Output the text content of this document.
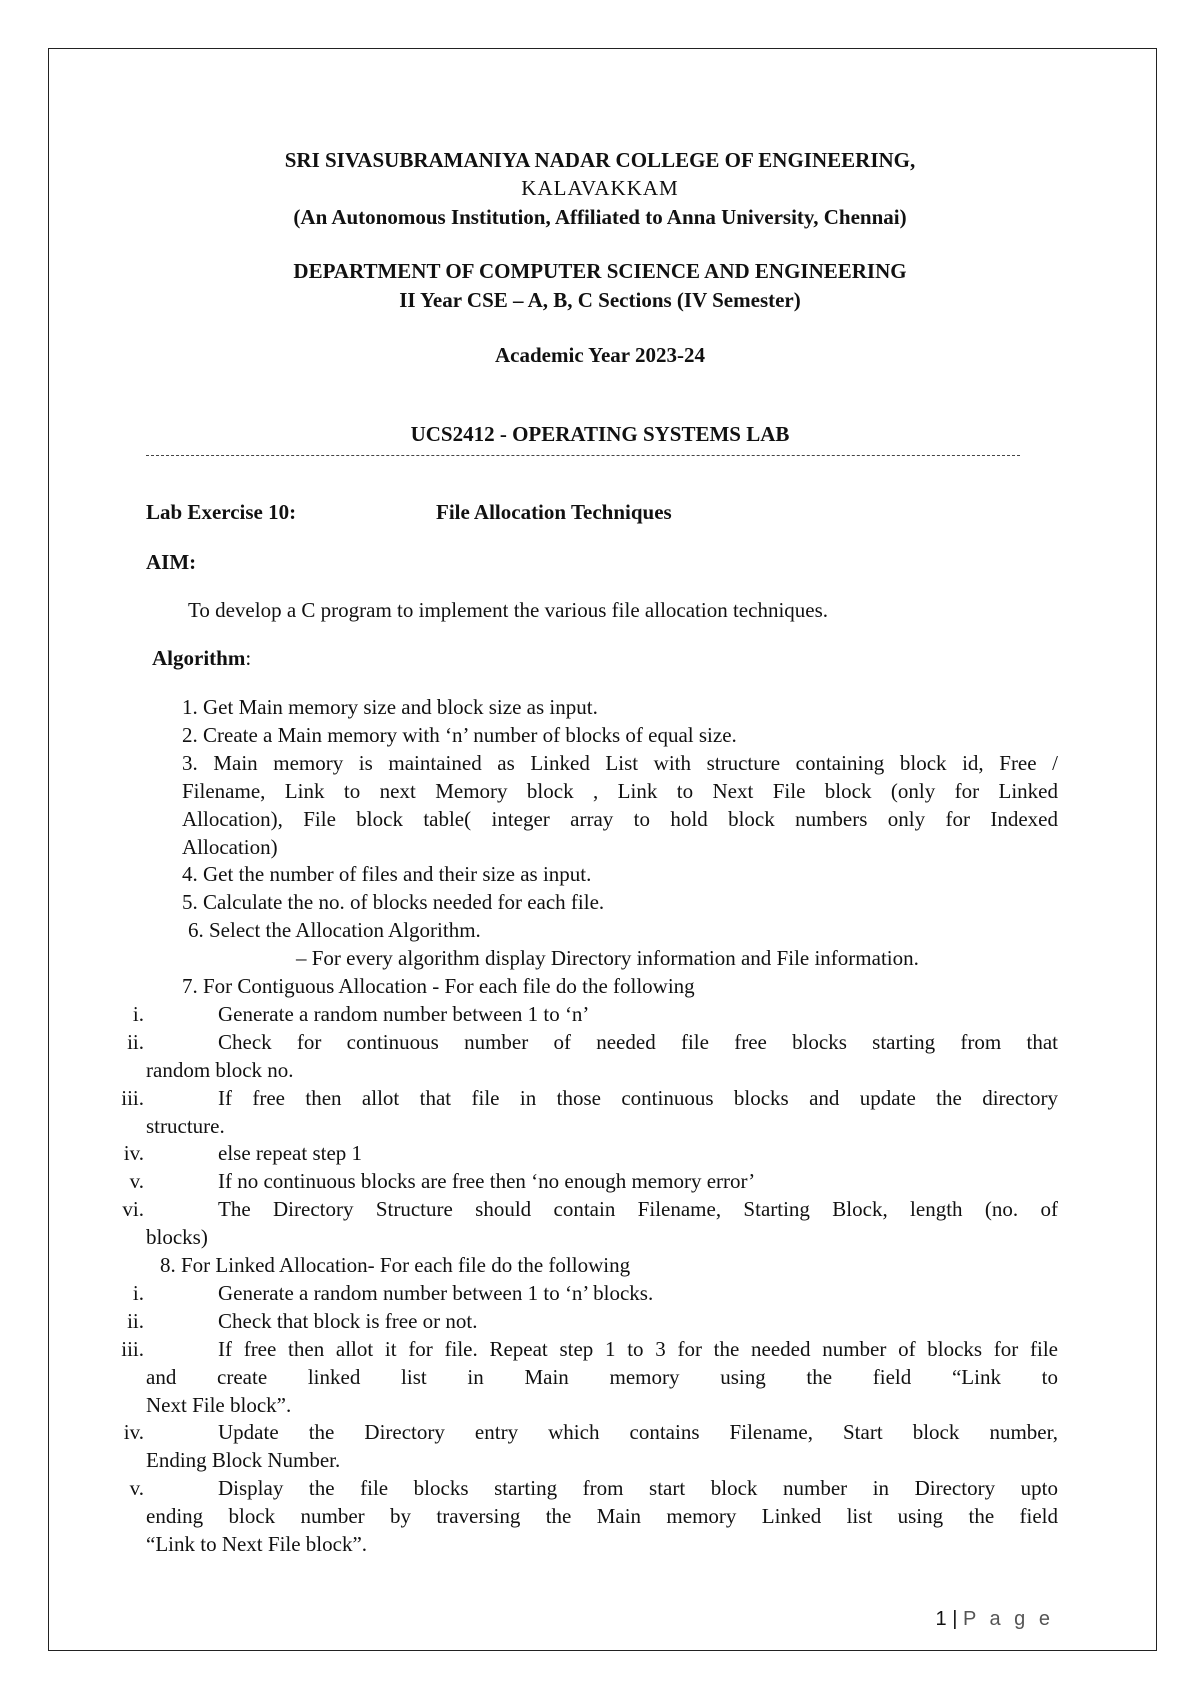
SRI SIVASUBRAMANIYA NADAR COLLEGE OF ENGINEERING,
KALAVAKKAM
(An Autonomous Institution, Affiliated to Anna University, Chennai)
DEPARTMENT OF COMPUTER SCIENCE AND ENGINEERING
II Year CSE – A, B, C Sections (IV Semester)
Academic Year 2023-24
UCS2412 - OPERATING SYSTEMS LAB
Lab Exercise 10:	File Allocation Techniques
AIM:
To develop a C program to implement the various file allocation techniques.
Algorithm:
1. Get Main memory size and block size as input.
2. Create a Main memory with ‘n’ number of blocks of equal size.
3. Main memory is maintained as Linked List with structure containing block id, Free /
Filename, Link to next Memory block , Link to Next File block (only for Linked
Allocation), File block table( integer array to hold block numbers only for Indexed
Allocation)
4. Get the number of files and their size as input.
5. Calculate the no. of blocks needed for each file.
6. Select the Allocation Algorithm.
– For every algorithm display Directory information and File information.
7. For Contiguous Allocation - For each file do the following
i.	Generate a random number between 1 to ‘n’
ii.	Check for continuous number of needed file free blocks starting from that
random block no.
iii.	If free then allot that file in those continuous blocks and update the directory
structure.
iv.	else repeat step 1
v.	If no continuous blocks are free then ‘no enough memory error’
vi.	The Directory Structure should contain Filename, Starting Block, length (no. of
blocks)
8. For Linked Allocation- For each file do the following
i.	Generate a random number between 1 to ‘n’ blocks.
ii.	Check that block is free or not.
iii.	If free then allot it for file. Repeat step 1 to 3 for the needed number of blocks for file
and create linked list in Main memory using the field “Link to
Next File block”.
iv.	Update the Directory entry which contains Filename, Start block number,
Ending Block Number.
v.	Display the file blocks starting from start block number in Directory upto
ending block number by traversing the Main memory Linked list using the field
“Link to Next File block”.
1 | P a g e
